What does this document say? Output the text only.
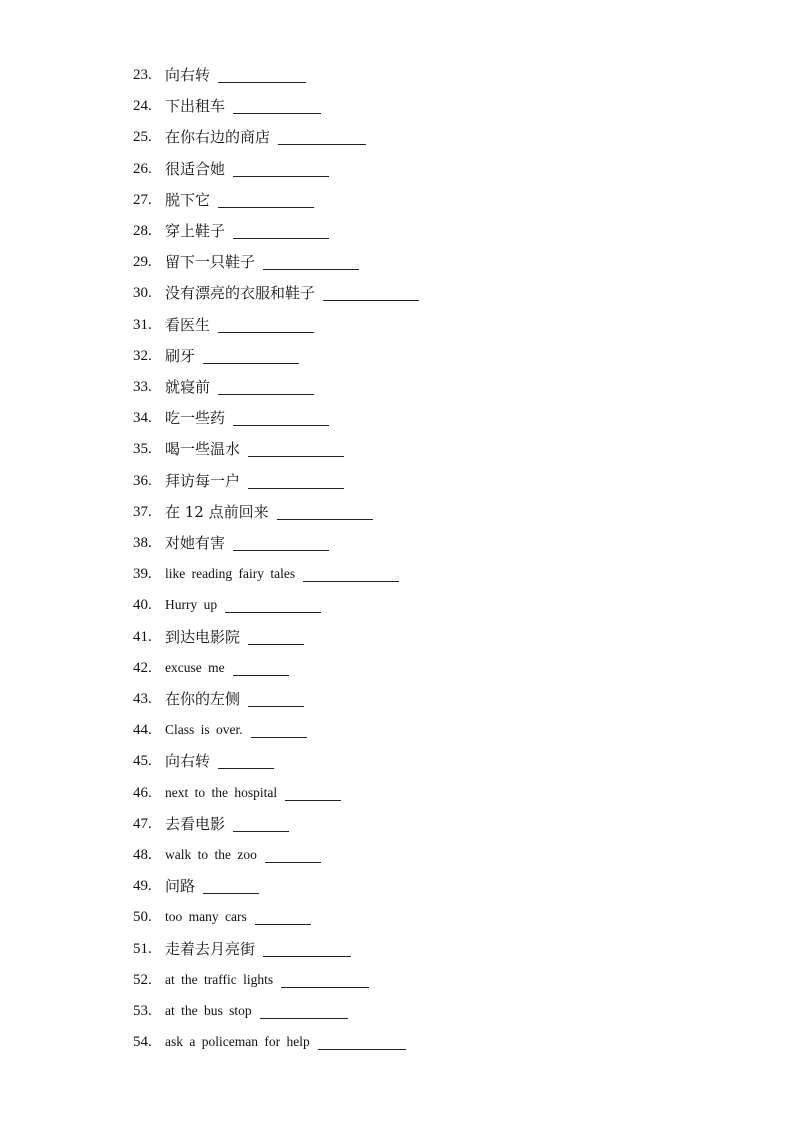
23. 向右转
24. 下出租车
25. 在你右边的商店
26. 很适合她
27. 脱下它
28. 穿上鞋子
29. 留下一只鞋子
30. 没有漂亮的衣服和鞋子
31. 看医生
32. 刷牙
33. 就寝前
34. 吃一些药
35. 喝一些温水
36. 拜访每一户
37. 在 12 点前回来
38. 对她有害
39. like reading fairy tales
40. Hurry up
41. 到达电影院
42. excuse me
43. 在你的左侧
44. Class is over.
45. 向右转
46. next to the hospital
47. 去看电影
48. walk to the zoo
49. 问路
50. too many cars
51. 走着去月亮街
52. at the traffic lights
53. at the bus stop
54. ask a policeman for help
